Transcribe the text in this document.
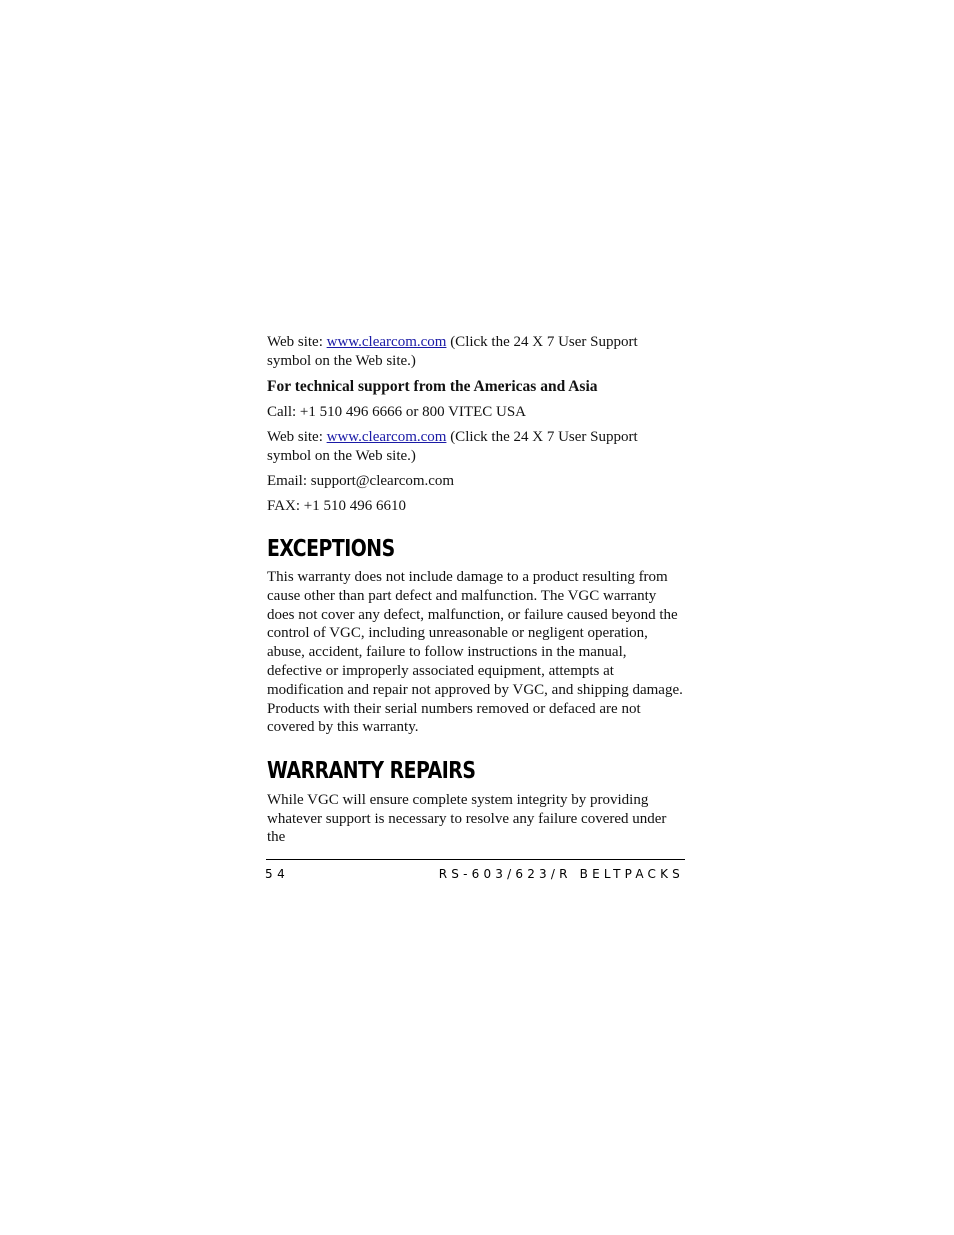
Web site: www.clearcom.com (Click the 24 X 7 User Support symbol on the Web site.)

For technical support from the Americas and Asia

Call: +1 510 496 6666 or 800 VITEC USA

Web site: www.clearcom.com (Click the 24 X 7 User Support symbol on the Web site.)

Email: support@clearcom.com

FAX: +1 510 496 6610

EXCEPTIONS

This warranty does not include damage to a product resulting from cause other than part defect and malfunction. The VGC warranty does not cover any defect, malfunction, or failure caused beyond the control of VGC, including unreasonable or negligent operation, abuse, accident, failure to follow instructions in the manual, defective or improperly associated equipment, attempts at modification and repair not approved by VGC, and shipping damage. Products with their serial numbers removed or defaced are not covered by this warranty.

WARRANTY REPAIRS

While VGC will ensure complete system integrity by providing whatever support is necessary to resolve any failure covered under the

54	RS-603/623/R BELTPACKS
